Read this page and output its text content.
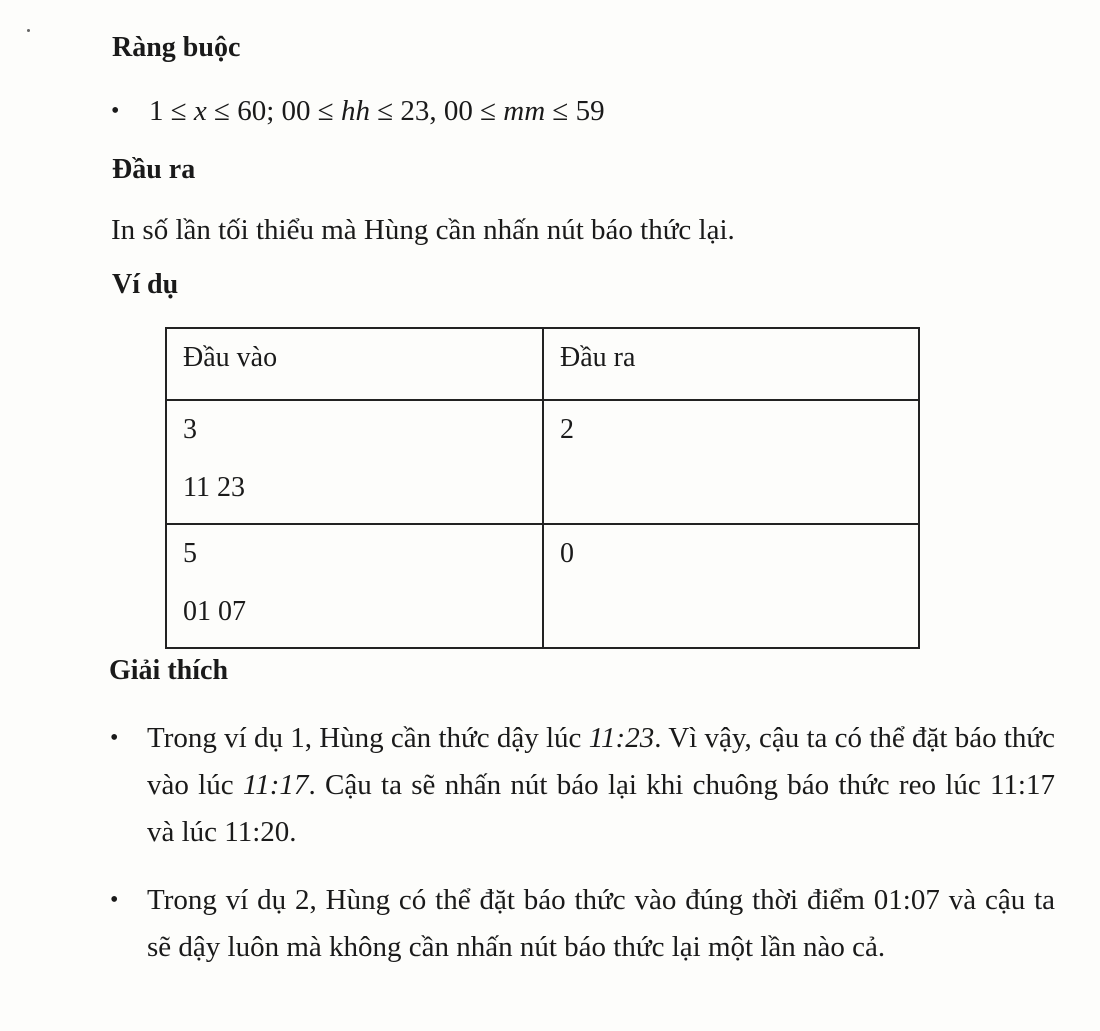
Ràng buộc
• 1 ≤ x ≤ 60; 00 ≤ hh ≤ 23, 00 ≤ mm ≤ 59
Đầu ra

In số lần tối thiểu mà Hùng cần nhấn nút báo thức lại.

Ví dụ
Đầu vào	Đầu ra

3
11 23	2

5
01 07	0
Giải thích
• Trong ví dụ 1, Hùng cần thức dậy lúc 11:23. Vì vậy, cậu ta có thể đặt báo thức vào lúc 11:17. Cậu ta sẽ nhấn nút báo lại khi chuông báo thức reo lúc 11:17 và lúc 11:20.
• Trong ví dụ 2, Hùng có thể đặt báo thức vào đúng thời điểm 01:07 và cậu ta sẽ dậy luôn mà không cần nhấn nút báo thức lại một lần nào cả.
